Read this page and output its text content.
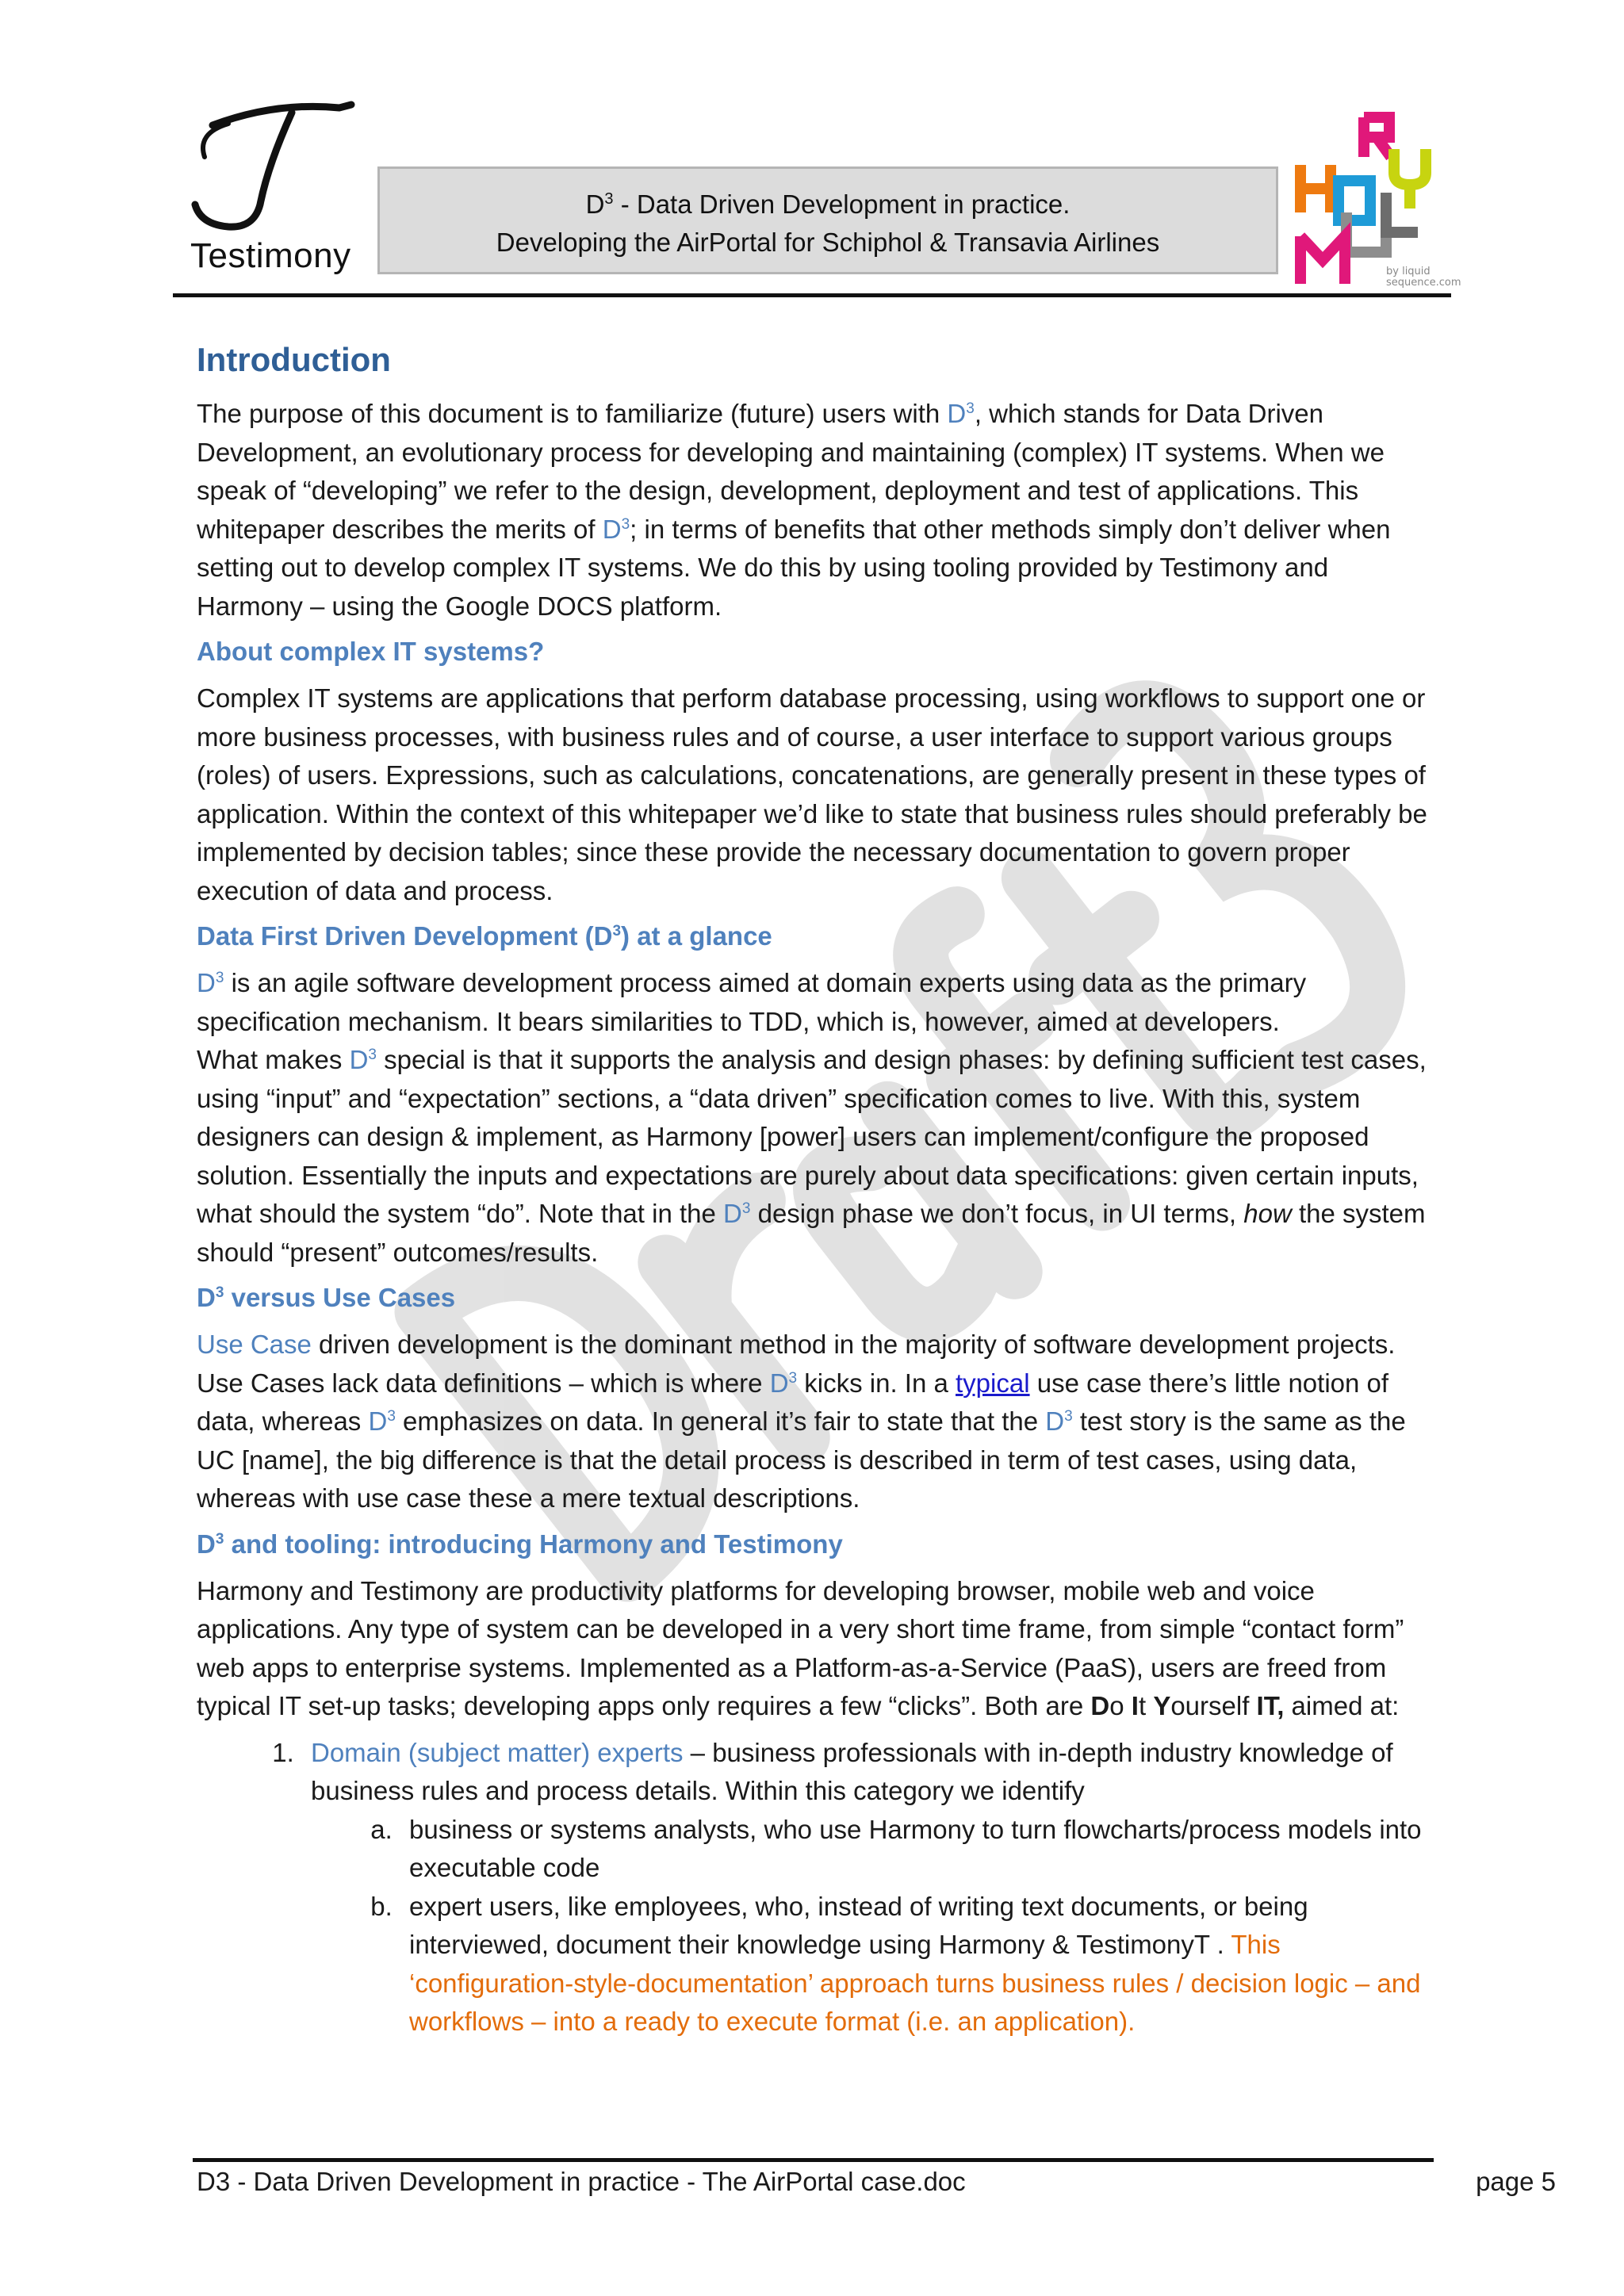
Testimony
$D^3$ - Data Driven Development in practice.
Developing the AirPortal for Schiphol & Transavia Airlines
by liquid
sequence.com
Introduction

The purpose of this document is to familiarize (future) users with $D^3$, which stands for Data Driven Development, an evolutionary process for developing and maintaining (complex) IT systems. When we speak of “developing” we refer to the design, development, deployment and test of applications. This whitepaper describes the merits of $D^3$; in terms of benefits that other methods simply don’t deliver when setting out to develop complex IT systems. We do this by using tooling provided by Testimony and Harmony – using the Google DOCS platform.

About complex IT systems?

Complex IT systems are applications that perform database processing, using workflows to support one or more business processes, with business rules and of course, a user interface to support various groups (roles) of users. Expressions, such as calculations, concatenations, are generally present in these types of application. Within the context of this whitepaper we’d like to state that business rules should preferably be implemented by decision tables; since these provide the necessary documentation to govern proper execution of data and process.

Data First Driven Development $(D^3)$ at a glance

$D^3$ is an agile software development process aimed at domain experts using data as the primary specification mechanism. It bears similarities to TDD, which is, however, aimed at developers.
What makes $D^3$ special is that it supports the analysis and design phases: by defining sufficient test cases, using “input” and “expectation” sections, a “data driven” specification comes to live. With this, system designers can design & implement, as Harmony [power] users can implement/configure the proposed solution. Essentially the inputs and expectations are purely about data specifications: given certain inputs, what should the system “do”. Note that in the $D^3$ design phase we don’t focus, in UI terms, how the system should “present” outcomes/results.

$D^3$ versus Use Cases

Use Case driven development is the dominant method in the majority of software development projects. Use Cases lack data definitions – which is where $D^3$ kicks in. In a typical use case there’s little notion of data, whereas $D^3$ emphasizes on data. In general it’s fair to state that the $D^3$ test story is the same as the UC [name], the big difference is that the detail process is described in term of test cases, using data, whereas with use case these a mere textual descriptions.

$D^3$ and tooling: introducing Harmony and Testimony

Harmony and Testimony are productivity platforms for developing browser, mobile web and voice applications. Any type of system can be developed in a very short time frame, from simple “contact form” web apps to enterprise systems. Implemented as a Platform-as-a-Service (PaaS), users are freed from typical IT set-up tasks; developing apps only requires a few “clicks”. Both are Do It Yourself IT, aimed at:

1. Domain (subject matter) experts – business professionals with in-depth industry knowledge of business rules and process details. Within this category we identify
a. business or systems analysts, who use Harmony to turn flowcharts/process models into executable code
b. expert users, like employees, who, instead of writing text documents, or being interviewed, document their knowledge using Harmony & TestimonyT . This ‘configuration-style-documentation’ approach turns business rules / decision logic – and workflows – into a ready to execute format (i.e. an application).
D3 - Data Driven Development in practice - The AirPortal case.doc	page 5
